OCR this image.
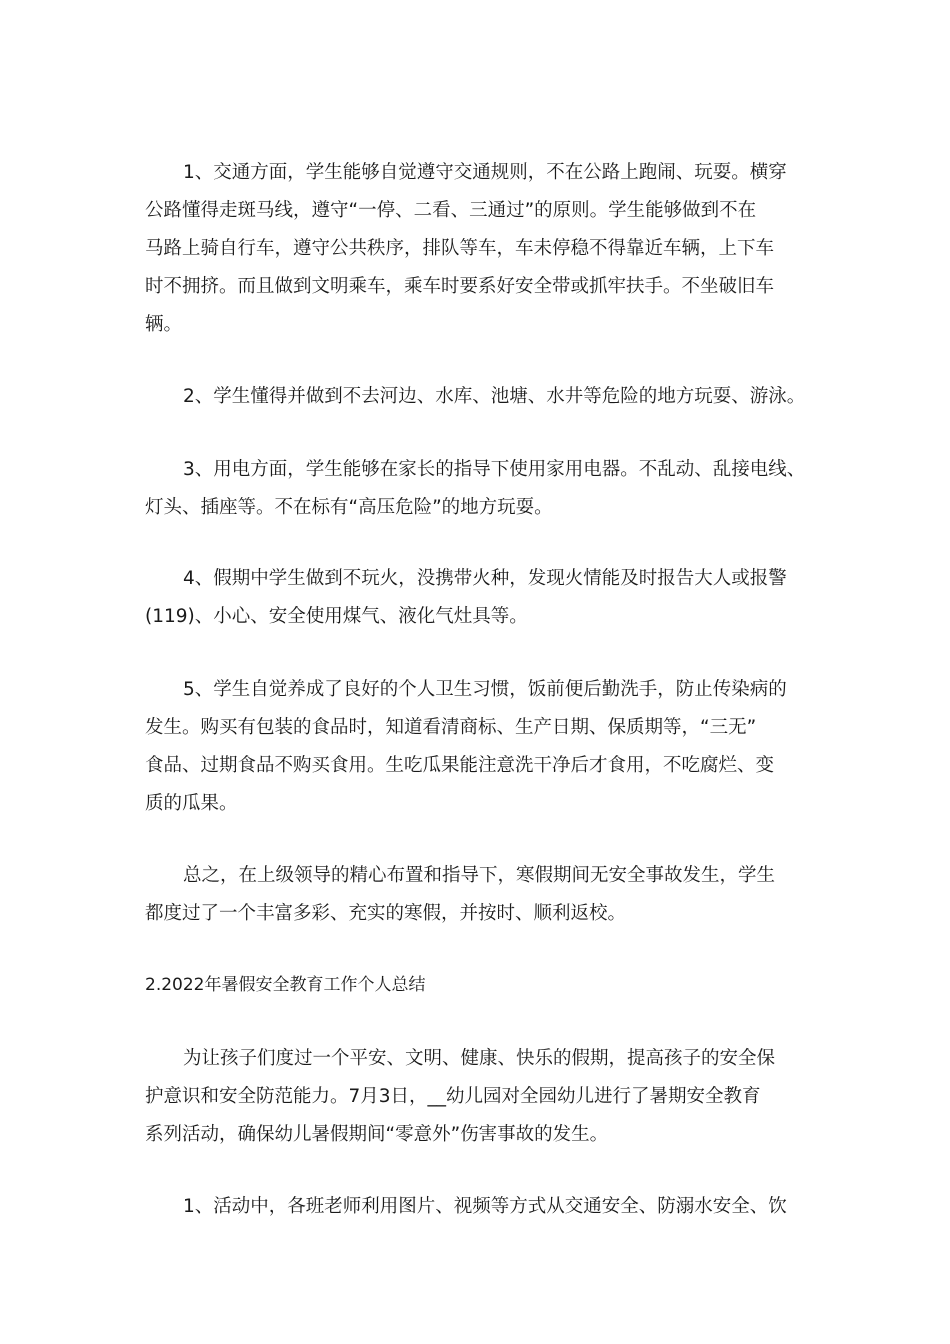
1、交通方面，学生能够自觉遵守交通规则，不在公路上跑闹、玩耍。横穿
公路懂得走斑马线，遵守“一停、二看、三通过”的原则。学生能够做到不在
马路上骑自行车，遵守公共秩序，排队等车，车未停稳不得靠近车辆，上下车
时不拥挤。而且做到文明乘车，乘车时要系好安全带或抓牢扶手。不坐破旧车
辆。
2、学生懂得并做到不去河边、水库、池塘、水井等危险的地方玩耍、游泳。
3、用电方面，学生能够在家长的指导下使用家用电器。不乱动、乱接电线、
灯头、插座等。不在标有“高压危险”的地方玩耍。
4、假期中学生做到不玩火，没携带火种，发现火情能及时报告大人或报警
(119)、小心、安全使用煤气、液化气灶具等。
5、学生自觉养成了良好的个人卫生习惯，饭前便后勤洗手，防止传染病的
发生。购买有包装的食品时，知道看清商标、生产日期、保质期等，“三无”
食品、过期食品不购买食用。生吃瓜果能注意洗干净后才食用，不吃腐烂、变
质的瓜果。
总之，在上级领导的精心布置和指导下，寒假期间无安全事故发生，学生
都度过了一个丰富多彩、充实的寒假，并按时、顺利返校。
2.2022年暑假安全教育工作个人总结
为让孩子们度过一个平安、文明、健康、快乐的假期，提高孩子的安全保
护意识和安全防范能力。7月3日，__幼儿园对全园幼儿进行了暑期安全教育
系列活动，确保幼儿暑假期间“零意外”伤害事故的发生。
1、活动中，各班老师利用图片、视频等方式从交通安全、防溺水安全、饮
